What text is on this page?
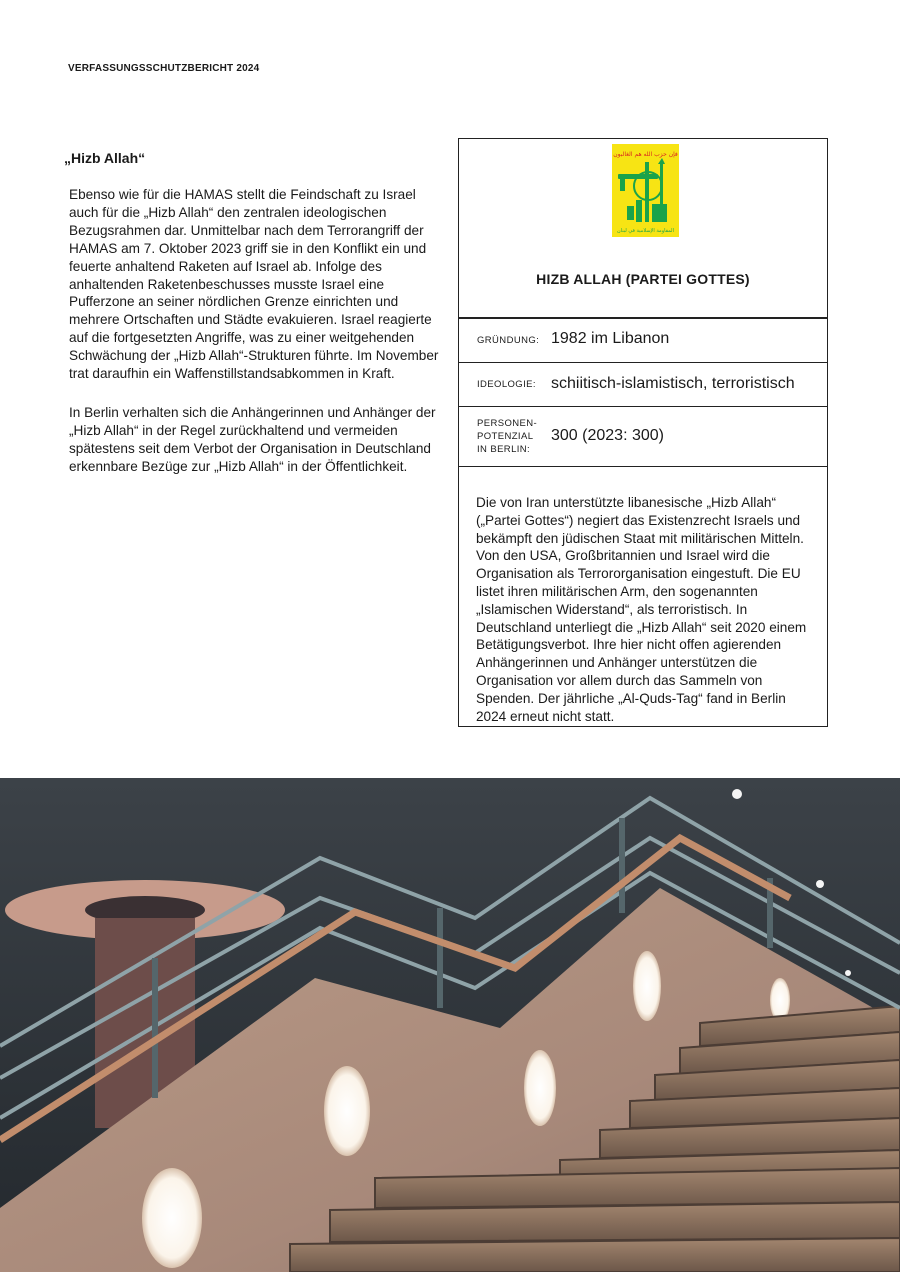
VERFASSUNGSSCHUTZBERICHT 2024
„Hizb Allah“

Ebenso wie für die HAMAS stellt die Feindschaft zu Israel auch für die „Hizb Allah“ den zentralen ideologischen Bezugsrahmen dar. Unmittelbar nach dem Terrorangriff der HAMAS am 7. Oktober 2023 griff sie in den Konflikt ein und feuerte anhaltend Raketen auf Israel ab. Infolge des anhaltenden Raketenbeschusses musste Israel eine Pufferzone an seiner nördlichen Grenze einrichten und mehrere Ortschaften und Städte evakuieren. Israel reagierte auf die fortgesetzten Angriffe, was zu einer weitgehenden Schwächung der „Hizb Allah“-Strukturen führte. Im November trat daraufhin ein Waffenstillstandsabkommen in Kraft.

In Berlin verhalten sich die Anhängerinnen und Anhänger der „Hizb Allah“ in der Regel zurückhaltend und vermeiden spätestens seit dem Verbot der Organisation in Deutschland erkennbare Bezüge zur „Hizb Allah“ in der Öffentlichkeit.

فإن حزب الله هم الغالبون
المقاومة الإسلامية في لبنان
HIZB ALLAH (PARTEI GOTTES)
GRÜNDUNG: 1982 im Libanon
IDEOLOGIE: schiitisch-islamistisch, terroristisch
PERSONEN-
POTENZIAL
IN BERLIN:
300 (2023: 300)

Die von Iran unterstützte libanesische „Hizb Allah“ („Partei Gottes“) negiert das Existenzrecht Israels und bekämpft den jüdischen Staat mit militärischen Mitteln. Von den USA, Großbritannien und Israel wird die Organisation als Terrororganisation eingestuft. Die EU listet ihren militärischen Arm, den sogenannten „Islamischen Widerstand“, als terroristisch. In Deutschland unterliegt die „Hizb Allah“ seit 2020 einem Betätigungsverbot. Ihre hier nicht offen agierenden Anhängerinnen und Anhänger unterstützen die Organisation vor allem durch das Sammeln von Spenden. Der jährliche „Al-Quds-Tag“ fand in Berlin 2024 erneut nicht statt.
